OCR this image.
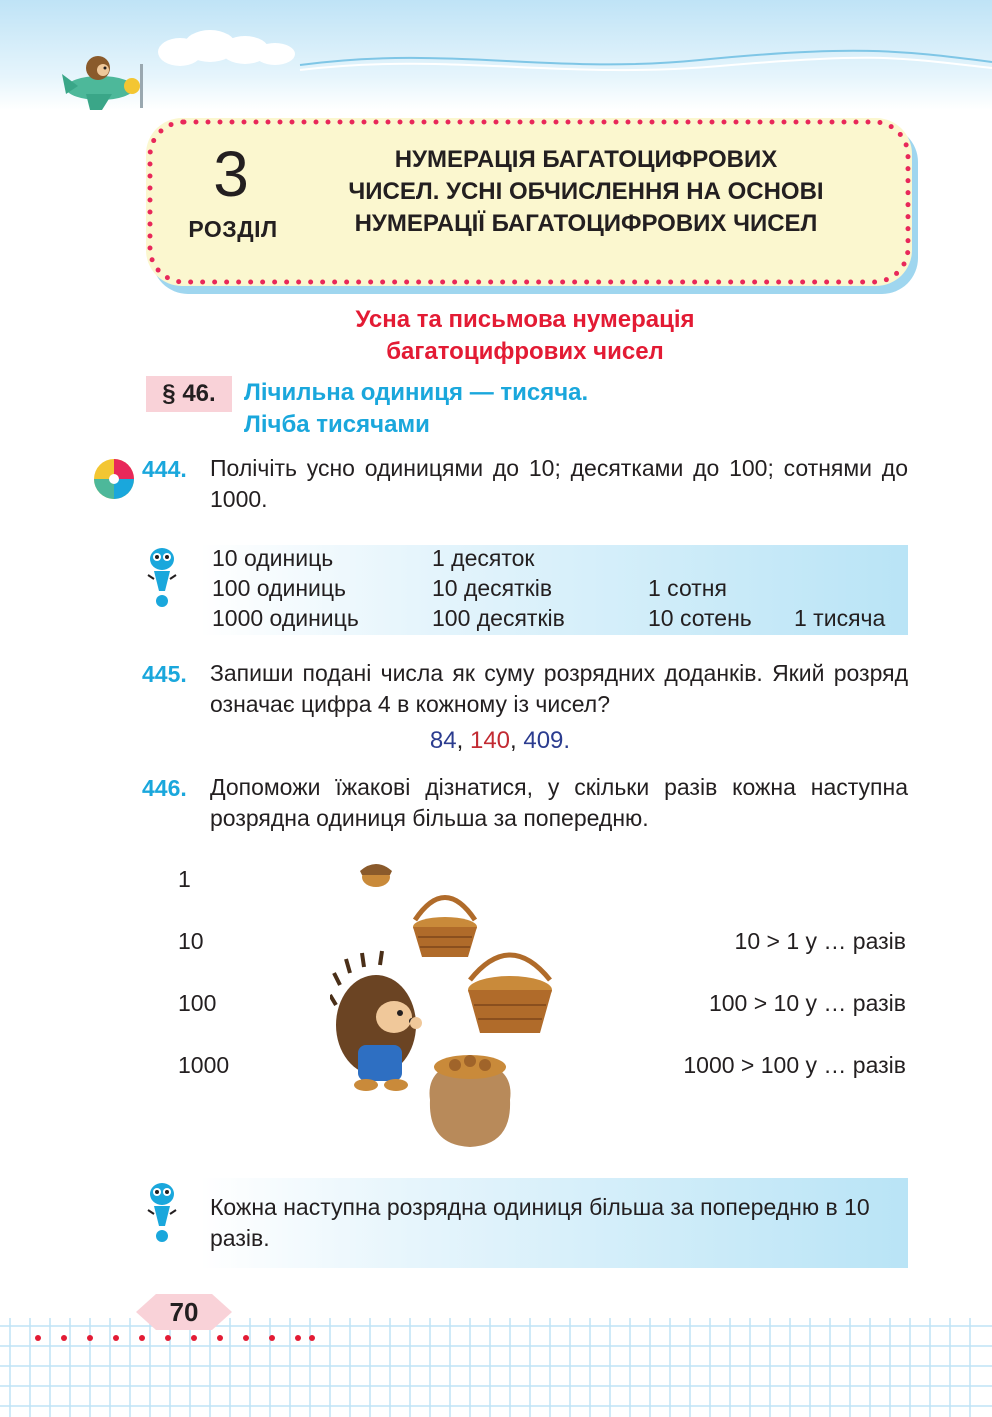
3
РОЗДІЛ
НУМЕРАЦІЯ БАГАТОЦИФРОВИХ
ЧИСЕЛ. УСНІ ОБЧИСЛЕННЯ НА ОСНОВІ
НУМЕРАЦІЇ БАГАТОЦИФРОВИХ ЧИСЕЛ
Усна та письмова нумерація
багатоцифрових чисел
§ 46.	Лічильна одиниця — тисяча.
Лічба тисячами
444.	Полічіть усно одиницями до 10; десятками до 100; сотнями до 1000.
10 одиниць	1 десяток
100 одиниць	10 десятків	1 сотня
1000 одиниць	100 десятків	10 сотень 1 тисяча
445.	Запиши подані числа як суму розрядних доданків. Який розряд означає цифра 4 в кожному із чисел?
84, 140, 409.
446.	Допоможи їжакові дізнатися, у скільки разів кожна наступна розрядна одиниця більша за попередню.
1
10
100
1000
10 > 1 у … разів
100 > 10 у … разів
1000 > 100 у … разів
Кожна наступна розрядна одиниця більша за попередню в 10 разів.
70
